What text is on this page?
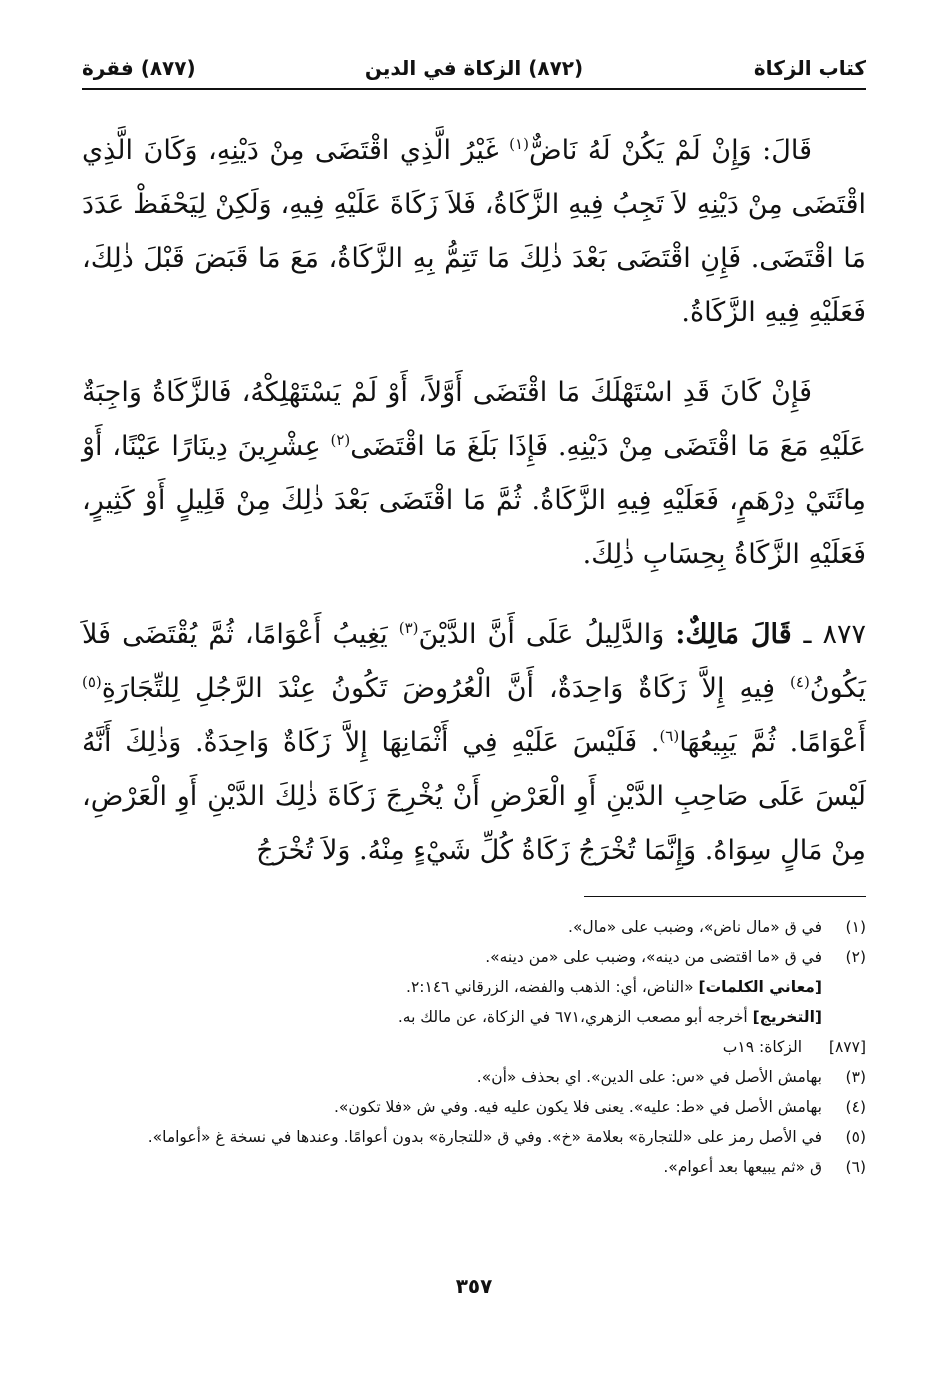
كتاب الزكاة
(٨٧٢) الزكاة في الدين
(٨٧٧) فقرة

قَالَ: وَإِنْ لَمْ يَكُنْ لَهُ نَاضٌّ$^{(١)}$ غَيْرُ الَّذِي اقْتَضَى مِنْ دَيْنِهِ، وَكَانَ الَّذِي اقْتَضَى مِنْ دَيْنِهِ لاَ تَجِبُ فِيهِ الزَّكَاةُ، فَلاَ زَكَاةَ عَلَيْهِ فِيهِ، وَلَكِنْ لِيَحْفَظْ عَدَدَ مَا اقْتَضَى. فَإِنِ اقْتَضَى بَعْدَ ذٰلِكَ مَا تَتِمُّ بِهِ الزَّكَاةُ، مَعَ مَا قَبَضَ قَبْلَ ذٰلِكَ، فَعَلَيْهِ فِيهِ الزَّكَاةُ.

فَإِنْ كَانَ قَدِ اسْتَهْلَكَ مَا اقْتَضَى أَوَّلاً، أَوْ لَمْ يَسْتَهْلِكْهُ، فَالزَّكَاةُ وَاجِبَةٌ عَلَيْهِ مَعَ مَا اقْتَضَى مِنْ دَيْنِهِ. فَإِذَا بَلَغَ مَا اقْتَضَى$^{(٢)}$ عِشْرِينَ دِينَارًا عَيْنًا، أَوْ مِائَتَيْ دِرْهَمٍ، فَعَلَيْهِ فِيهِ الزَّكَاةُ. ثُمَّ مَا اقْتَضَى بَعْدَ ذٰلِكَ مِنْ قَلِيلٍ أَوْ كَثِيرٍ، فَعَلَيْهِ الزَّكَاةُ بِحِسَابِ ذٰلِكَ.

٨٧٧ ـ قَالَ مَالِكٌ: وَالدَّلِيلُ عَلَى أَنَّ الدَّيْنَ$^{(٣)}$ يَغِيبُ أَعْوَامًا، ثُمَّ يُقْتَضَى فَلاَ يَكُونُ$^{(٤)}$ فِيهِ إِلاَّ زَكَاةٌ وَاحِدَةٌ، أَنَّ الْعُرُوضَ تَكُونُ عِنْدَ الرَّجُلِ لِلتِّجَارَةِ$^{(٥)}$ أَعْوَامًا. ثُمَّ يَبِيعُهَا$^{(٦)}$. فَلَيْسَ عَلَيْهِ فِي أَثْمَانِهَا إِلاَّ زَكَاةٌ وَاحِدَةٌ. وَذٰلِكَ أَنَّهُ لَيْسَ عَلَى صَاحِبِ الدَّيْنِ أَوِ الْعَرْضِ أَنْ يُخْرِجَ زَكَاةَ ذٰلِكَ الدَّيْنِ أَوِ الْعَرْضِ، مِنْ مَالٍ سِوَاهُ. وَإِنَّمَا تُخْرَجُ زَكَاةُ كُلِّ شَيْءٍ مِنْهُ. وَلاَ تُخْرَجُ

(١)
في ق «مال ناض»، وضبب على «مال».
(٢)
في ق «ما اقتضى من دينه»، وضبب على «من دينه».
[معاني الكلمات] «الناض، أي: الذهب والفضه، الزرقاني ٢:١٤٦.
[التخريج] أخرجه أبو مصعب الزهري،٦٧١ في الزكاة، عن مالك به.
[٨٧٧]
الزكاة: ١٩ب
(٣)
بهامش الأصل في «س: على الدين». اي بحذف «أن».
(٤)
بهامش الأصل في «ط: عليه». يعنى فلا يكون عليه فيه. وفي ش «فلا تكون».
(٥)
في الأصل رمز على «للتجارة» بعلامة «خ». وفي ق «للتجارة» بدون أعوامًا. وعندها في نسخة غ «أعواما».
(٦)
ق «ثم يبيعها بعد أعوام».
٣٥٧
